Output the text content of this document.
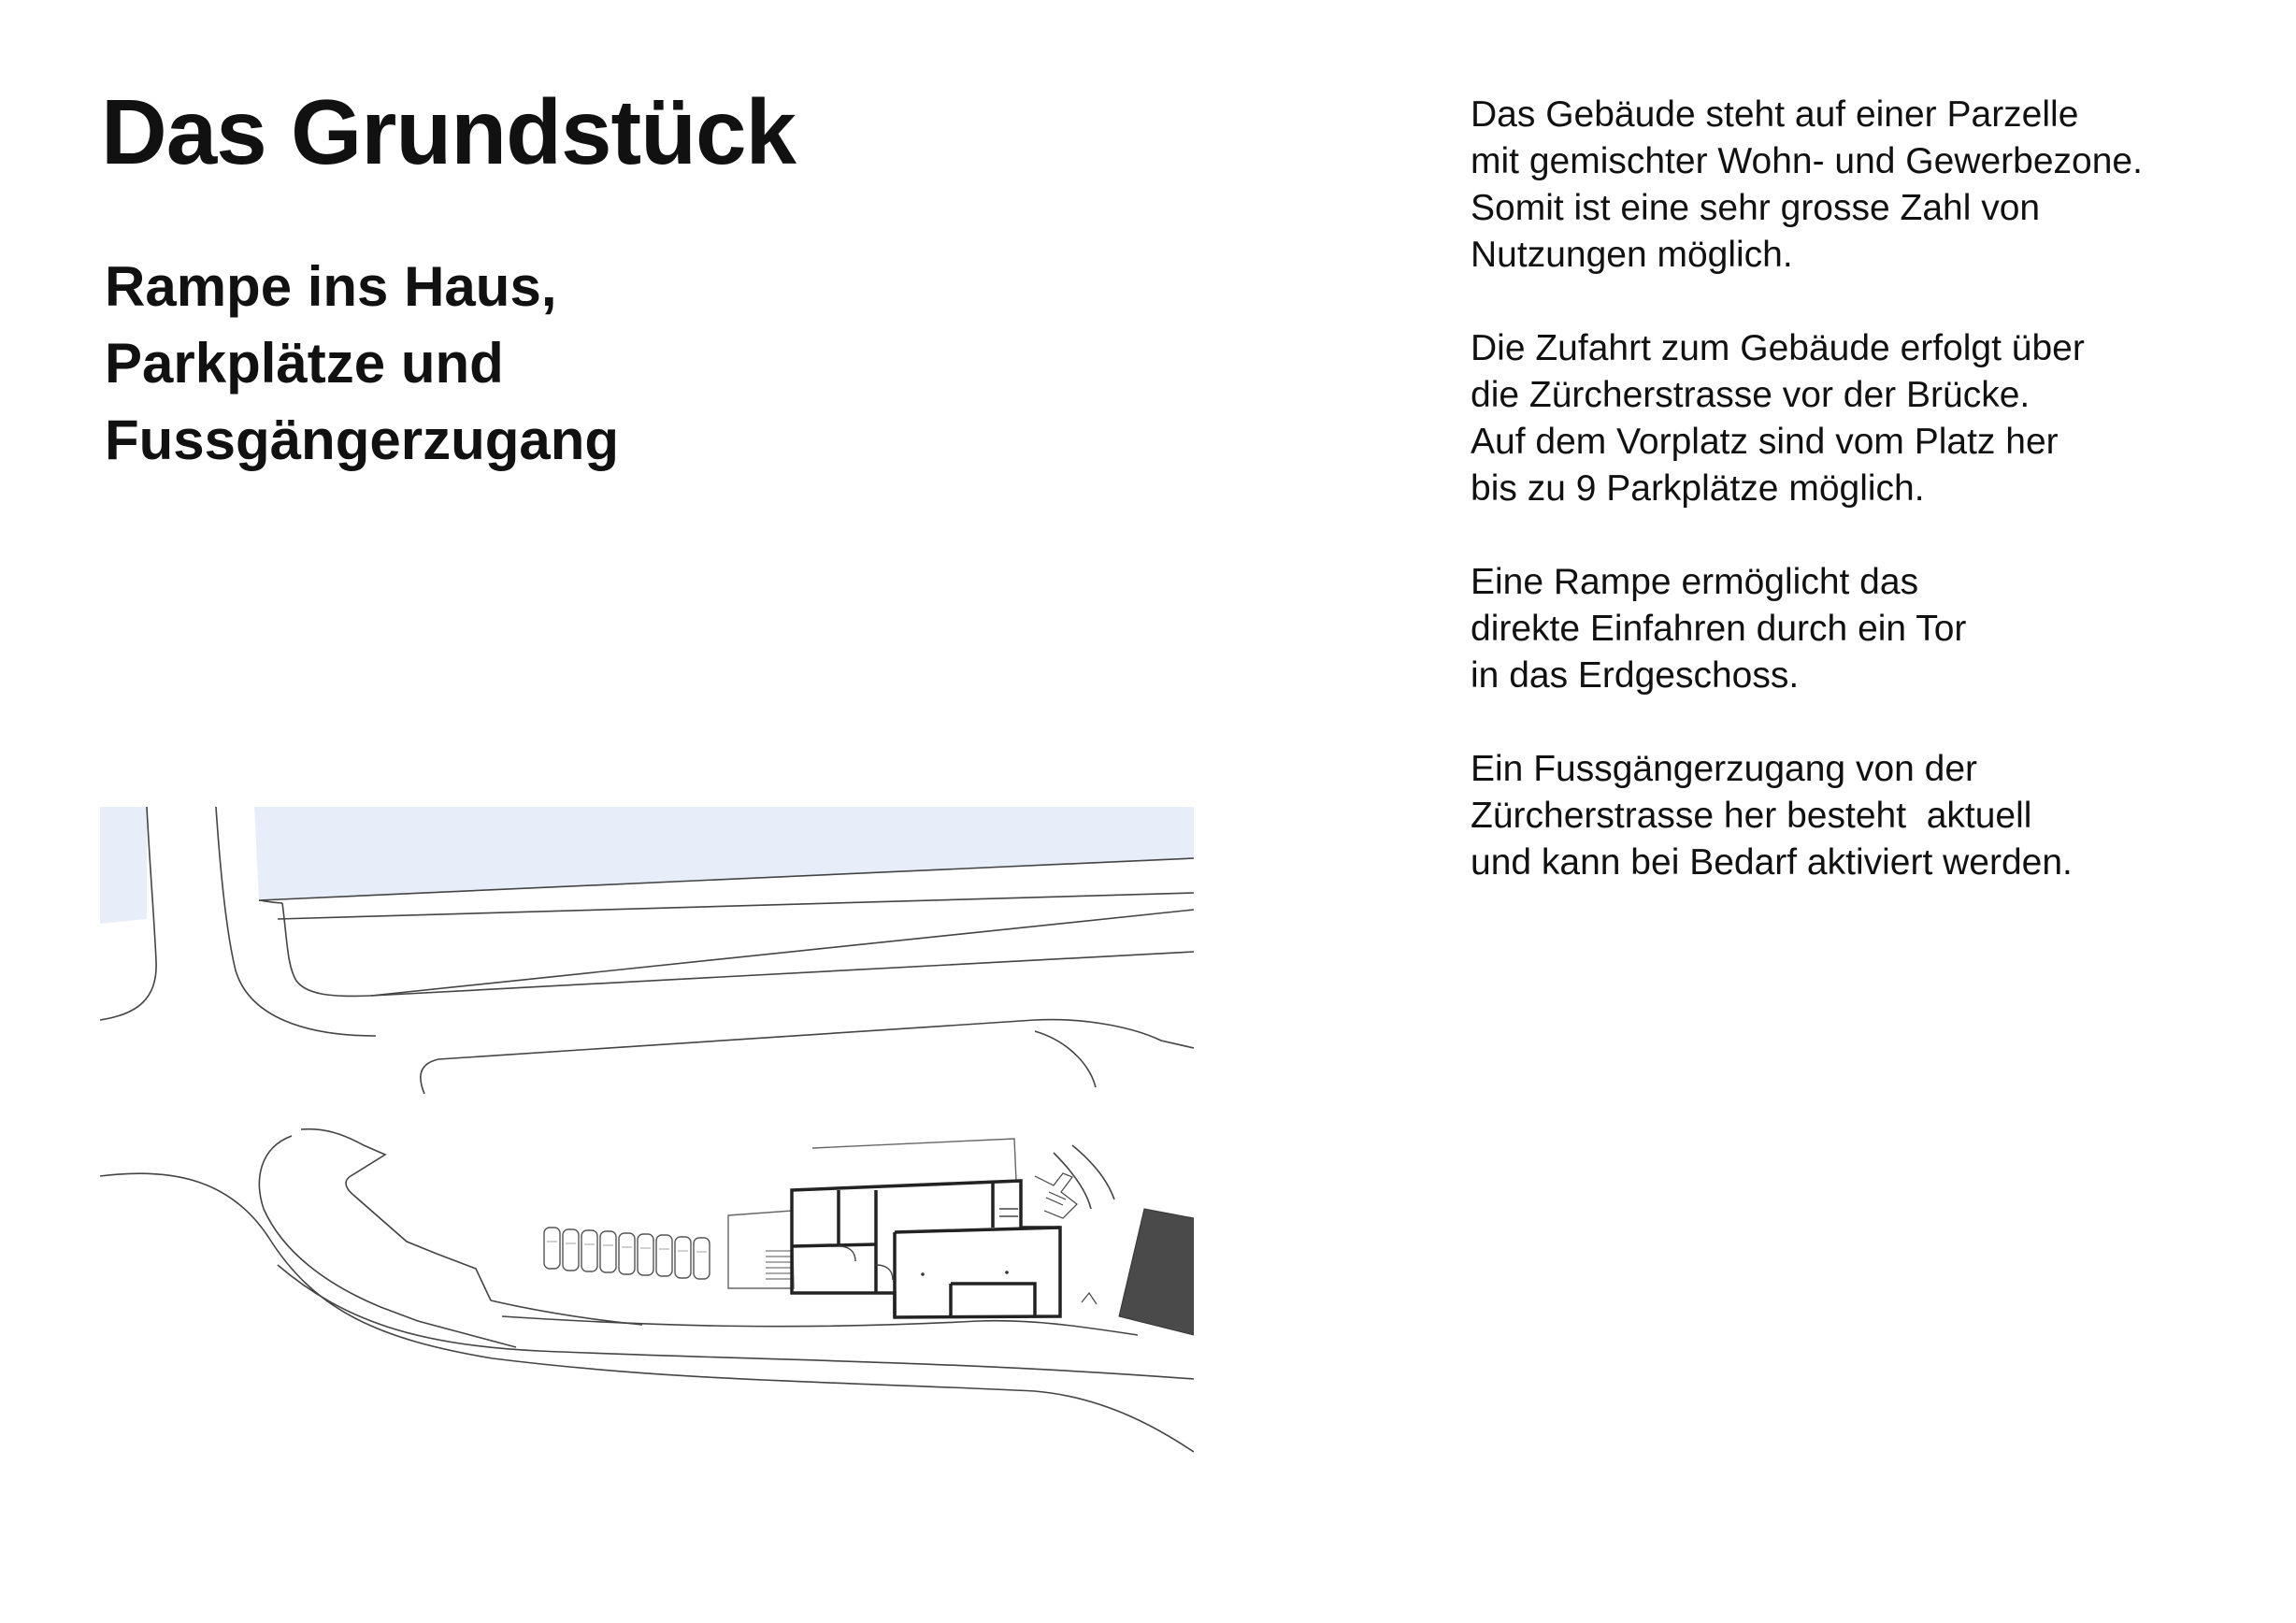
Das Grundstück
Rampe ins Haus,
Parkplätze und
Fussgängerzugang

Das Gebäude steht auf einer Parzelle
mit gemischter Wohn- und Gewerbezone.
Somit ist eine sehr grosse Zahl von
Nutzungen möglich.

Die Zufahrt zum Gebäude erfolgt über
die Zürcherstrasse vor der Brücke.
Auf dem Vorplatz sind vom Platz her
bis zu 9 Parkplätze möglich.

Eine Rampe ermöglicht das
direkte Einfahren durch ein Tor
in das Erdgeschoss.

Ein Fussgängerzugang von der
Zürcherstrasse her besteht  aktuell
und kann bei Bedarf aktiviert werden.
